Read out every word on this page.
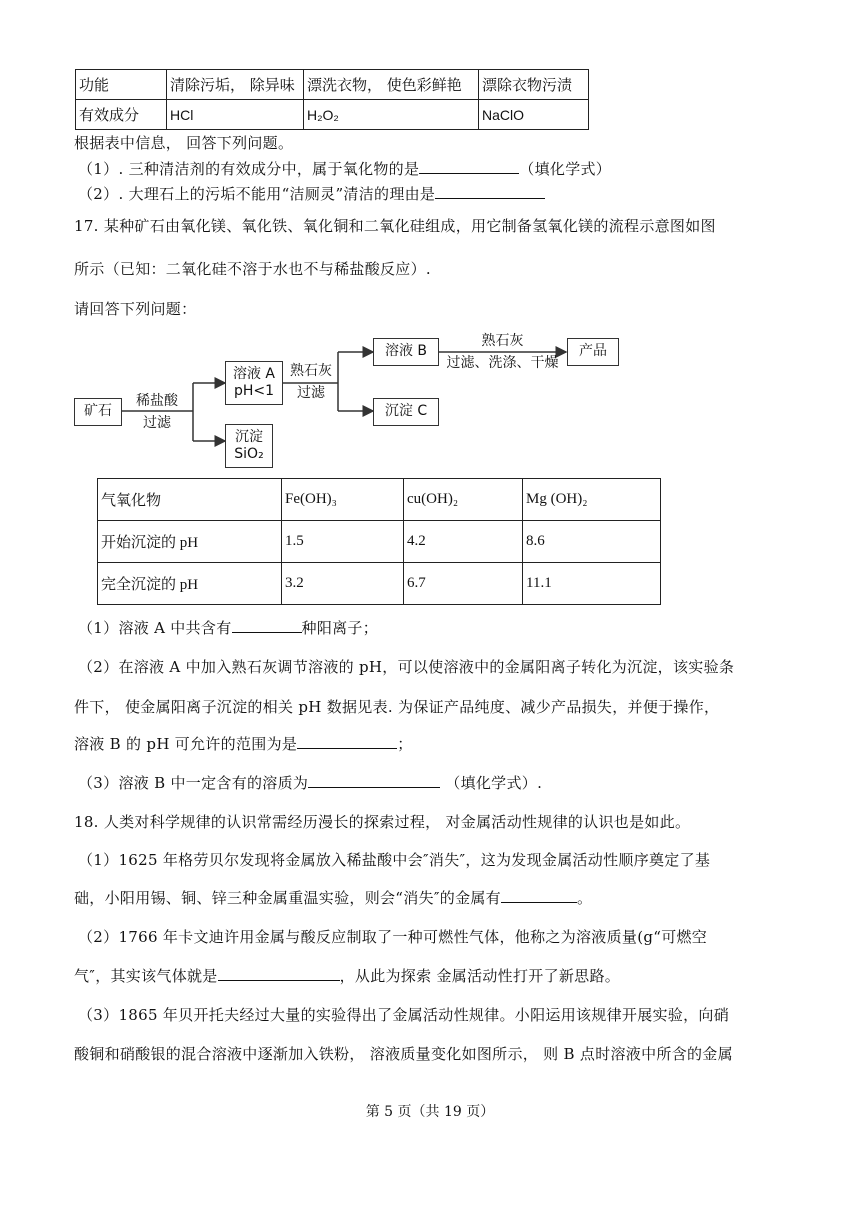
功能	清除污垢， 除异味	漂洗衣物， 使色彩鲜艳	漂除衣物污渍
有效成分	HCl	H₂O₂	NaClO
根据表中信息， 回答下列问题。
（1）. 三种清洁剂的有效成分中，属于氧化物的是	（填化学式）
（2）. 大理石上的污垢不能用“洁厕灵”清洁的理由是
17. 某种矿石由氧化镁、氧化铁、氧化铜和二氧化硅组成，用它制备氢氧化镁的流程示意图如图
所示（已知：二氧化硅不溶于水也不与稀盐酸反应）.
请回答下列问题：
矿石
稀盐酸
过滤
溶液 A
pH<1
沉淀
SiO₂
熟石灰
过滤
溶液 B
沉淀 C
熟石灰
过滤、洗涤、干燥
产品
气氧化物	Fe(OH)₃	cu(OH)₂	Mg (OH)₂
开始沉淀的 pH	1.5	4.2	8.6
完全沉淀的 pH	3.2	6.7	11.1
（1）溶液 A 中共含有	种阳离子；
（2）在溶液 A 中加入熟石灰调节溶液的 pH，可以使溶液中的金属阳离子转化为沉淀，该实验条
件下， 使金属阳离子沉淀的相关 pH 数据见表. 为保证产品纯度、减少产品损失，并便于操作，
溶液 B 的 pH 可允许的范围为是	；
（3）溶液 B 中一定含有的溶质为	（填化学式）.
18. 人类对科学规律的认识常需经历漫长的探索过程， 对金属活动性规律的认识也是如此。
（1）1625 年格劳贝尔发现将金属放入稀盐酸中会″消失″，这为发现金属活动性顺序奠定了基
础，小阳用锡、铜、锌三种金属重温实验，则会“消失″的金属有	。
（2）1766 年卡文迪许用金属与酸反应制取了一种可燃性气体，他称之为溶液质量(g“可燃空
气″，其实该气体就是	，从此为探索 金属活动性打开了新思路。
（3）1865 年贝开托夫经过大量的实验得出了金属活动性规律。小阳运用该规律开展实验，向硝
酸铜和硝酸银的混合溶液中逐渐加入铁粉， 溶液质量变化如图所示， 则 B 点时溶液中所含的金属
第 5 页（共 19 页）
